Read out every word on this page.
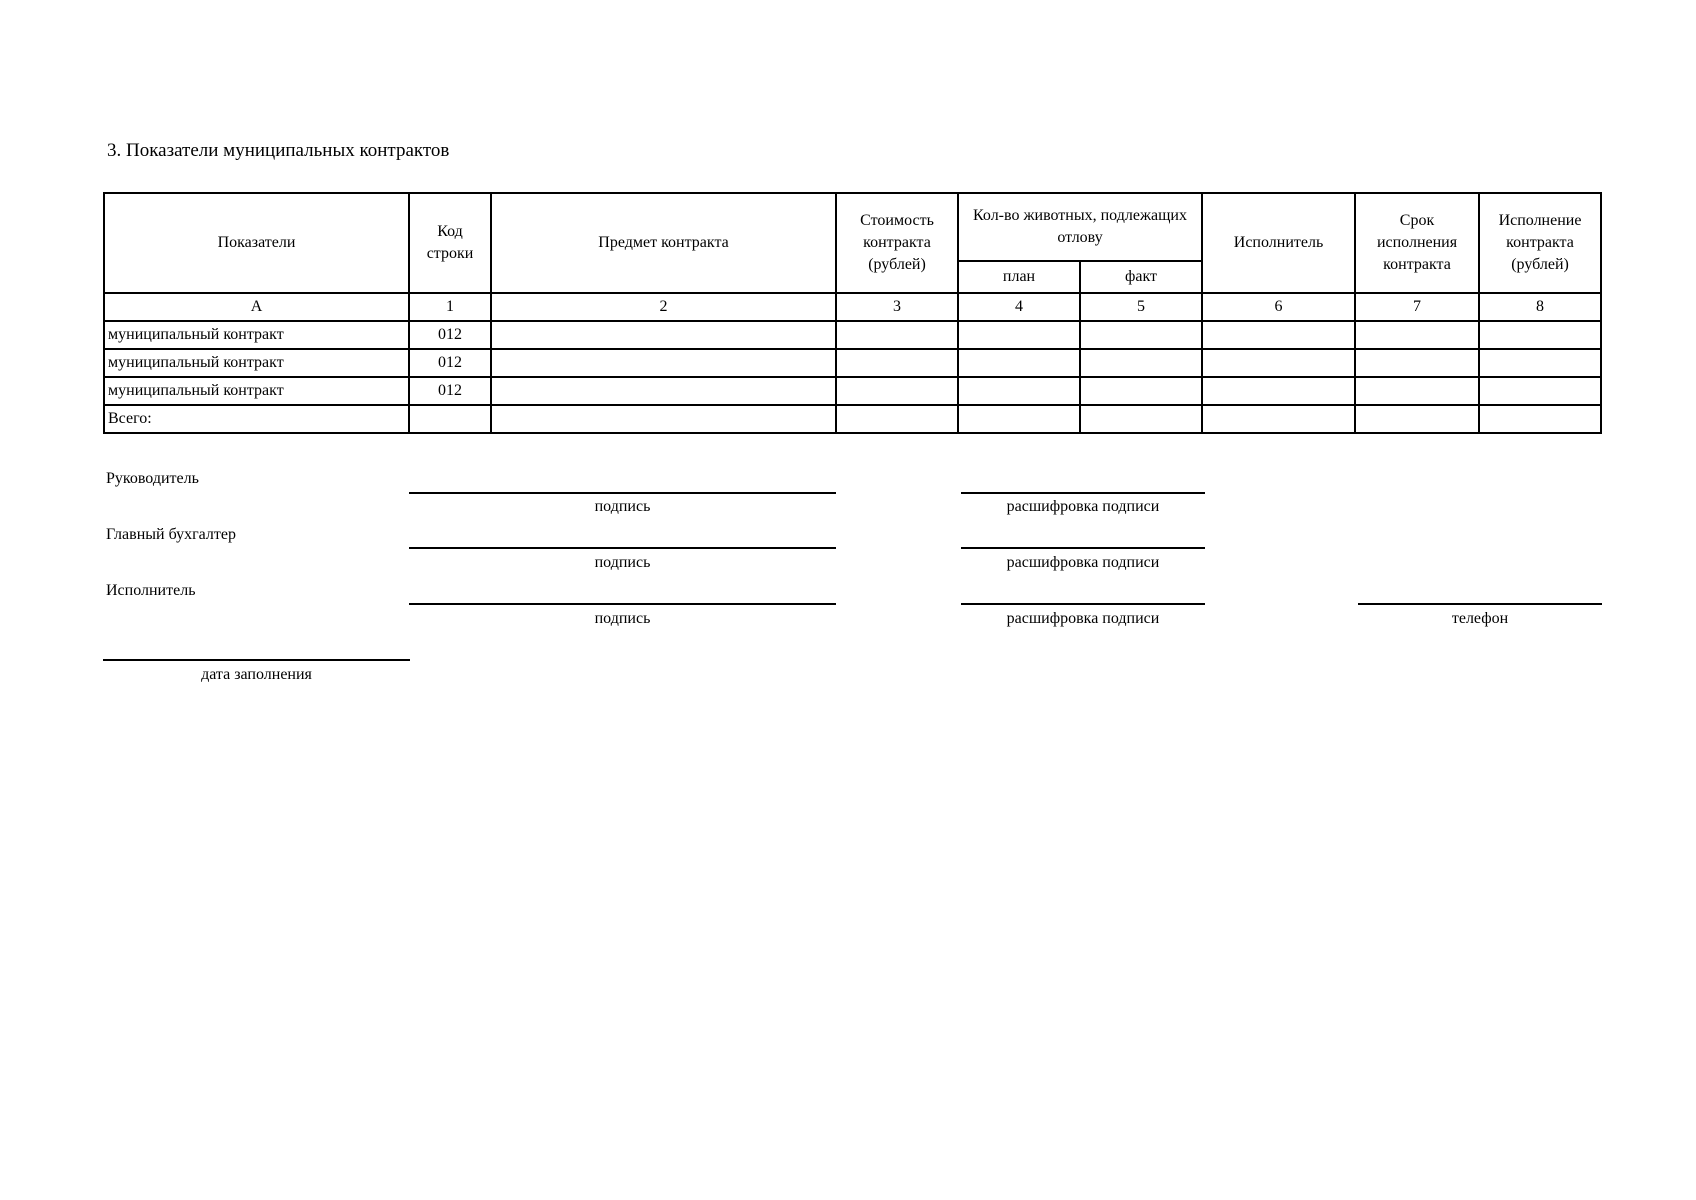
3. Показатели муниципальных контрактов
Показатели	Код строки	Предмет контракта	Стоимость контракта (рублей)	Кол-во животных, подлежащих отлову		Исполнитель	Срок исполнения контракта	Исполнение контракта (рублей)
				план	факт			
А	1	2	3	4	5	6	7	8
муниципальный контракт	012							
муниципальный контракт	012							
муниципальный контракт	012							
Всего:								
Руководитель
подпись	расшифровка подписи
Главный бухгалтер
подпись	расшифровка подписи
Исполнитель
подпись	расшифровка подписи	телефон
дата заполнения
